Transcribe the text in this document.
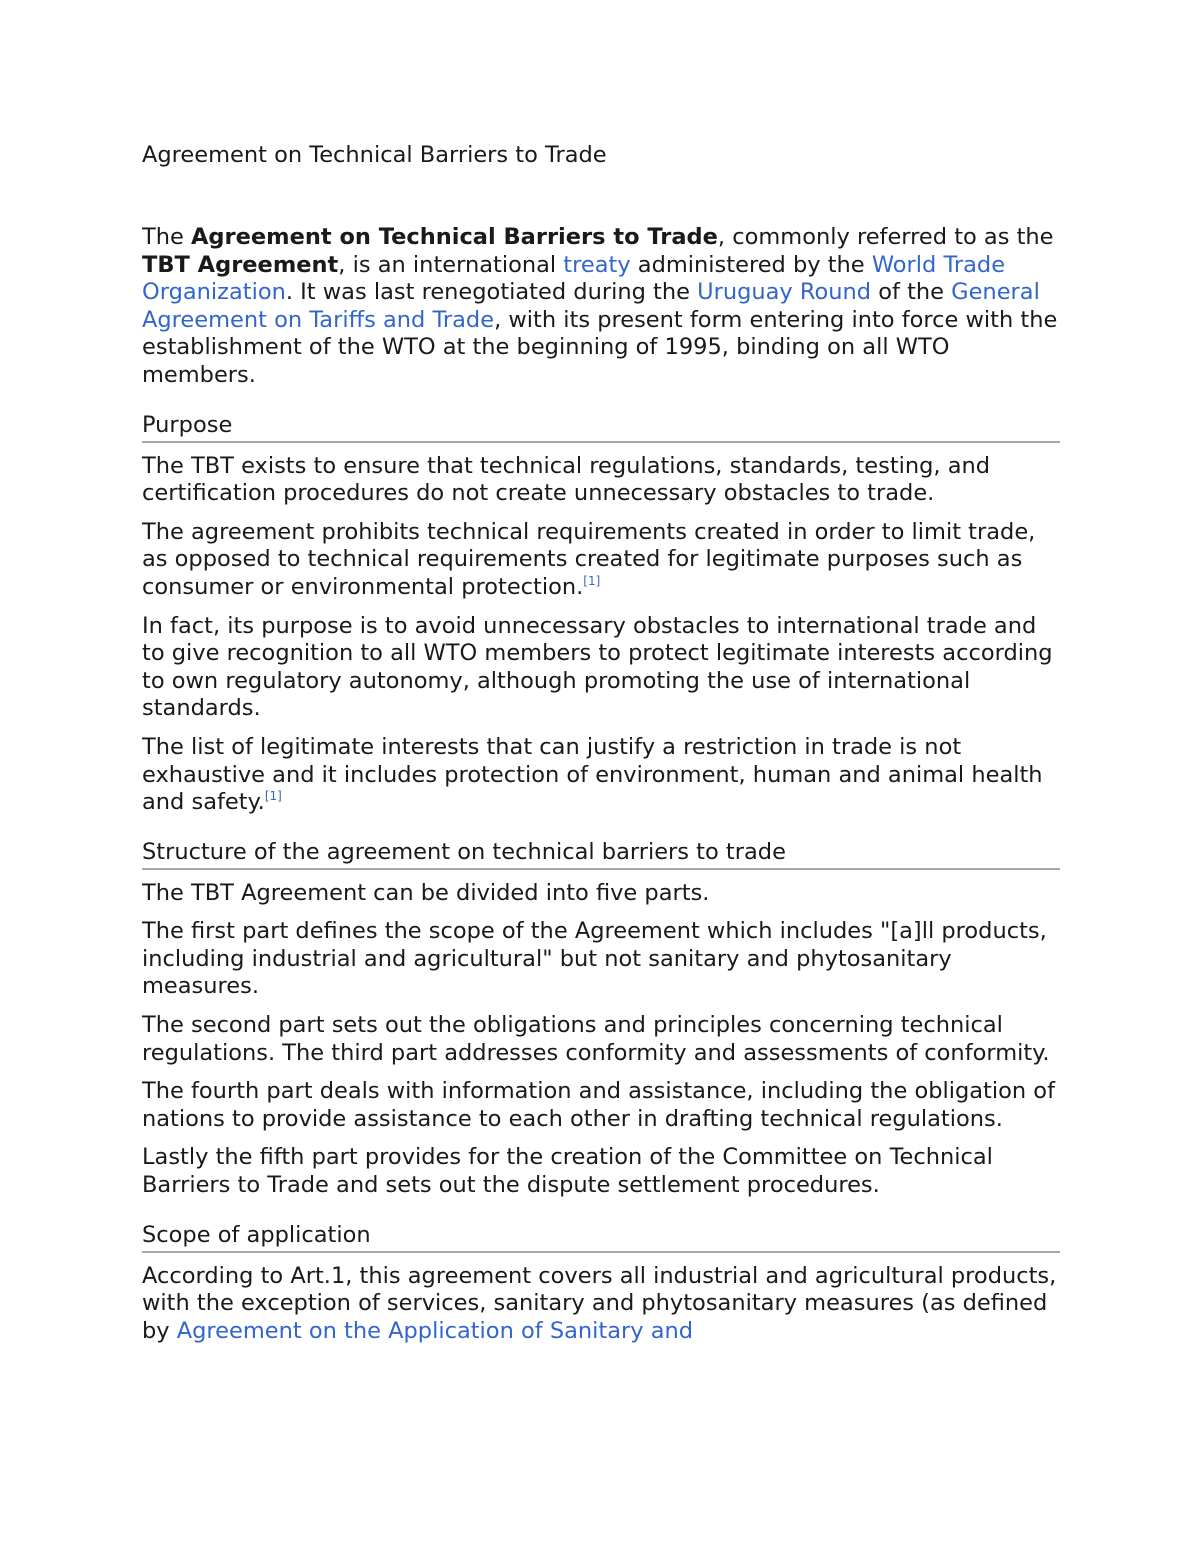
Agreement on Technical Barriers to Trade

The Agreement on Technical Barriers to Trade, commonly referred to as the TBT Agreement, is an international treaty administered by the World Trade Organization. It was last renegotiated during the Uruguay Round of the General Agreement on Tariffs and Trade, with its present form entering into force with the establishment of the WTO at the beginning of 1995, binding on all WTO members.

Purpose

The TBT exists to ensure that technical regulations, standards, testing, and certification procedures do not create unnecessary obstacles to trade.

The agreement prohibits technical requirements created in order to limit trade, as opposed to technical requirements created for legitimate purposes such as consumer or environmental protection.[1]

In fact, its purpose is to avoid unnecessary obstacles to international trade and to give recognition to all WTO members to protect legitimate interests according to own regulatory autonomy, although promoting the use of international standards.

The list of legitimate interests that can justify a restriction in trade is not exhaustive and it includes protection of environment, human and animal health and safety.[1]

Structure of the agreement on technical barriers to trade

The TBT Agreement can be divided into five parts.

The first part defines the scope of the Agreement which includes "[a]ll products, including industrial and agricultural" but not sanitary and phytosanitary measures.

The second part sets out the obligations and principles concerning technical regulations. The third part addresses conformity and assessments of conformity.

The fourth part deals with information and assistance, including the obligation of nations to provide assistance to each other in drafting technical regulations.

Lastly the fifth part provides for the creation of the Committee on Technical Barriers to Trade and sets out the dispute settlement procedures.

Scope of application

According to Art.1, this agreement covers all industrial and agricultural products, with the exception of services, sanitary and phytosanitary measures (as defined by Agreement on the Application of Sanitary and
